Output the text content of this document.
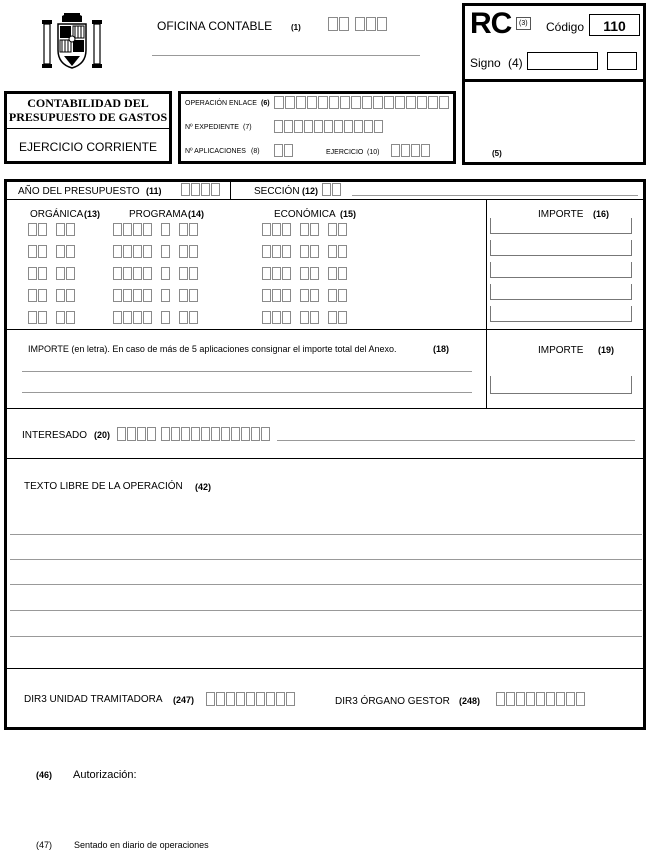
OFICINA CONTABLE (1)	RC	(3) Código	110
Signo (4)
(5)
CONTABILIDAD DEL
PRESUPUESTO DE GASTOS
EJERCICIO CORRIENTE
OPERACIÓN ENLACE (6)
Nº EXPEDIENTE (7)
Nº APLICACIONES (8)	EJERCICIO (10)
AÑO DEL PRESUPUESTO (11)	SECCIÓN (12)
ORGÁNICA (13)	PROGRAMA (14)	ECONÓMICA (15)	IMPORTE (16)
IMPORTE (en letra). En caso de más de 5 aplicaciones consignar el importe total del Anexo.	(18)	IMPORTE (19)
INTERESADO (20)
TEXTO LIBRE DE LA OPERACIÓN (42)
DIR3 UNIDAD TRAMITADORA (247)	DIR3 ÓRGANO GESTOR (248)
(46) Autorización:
(47) Sentado en diario de operaciones
